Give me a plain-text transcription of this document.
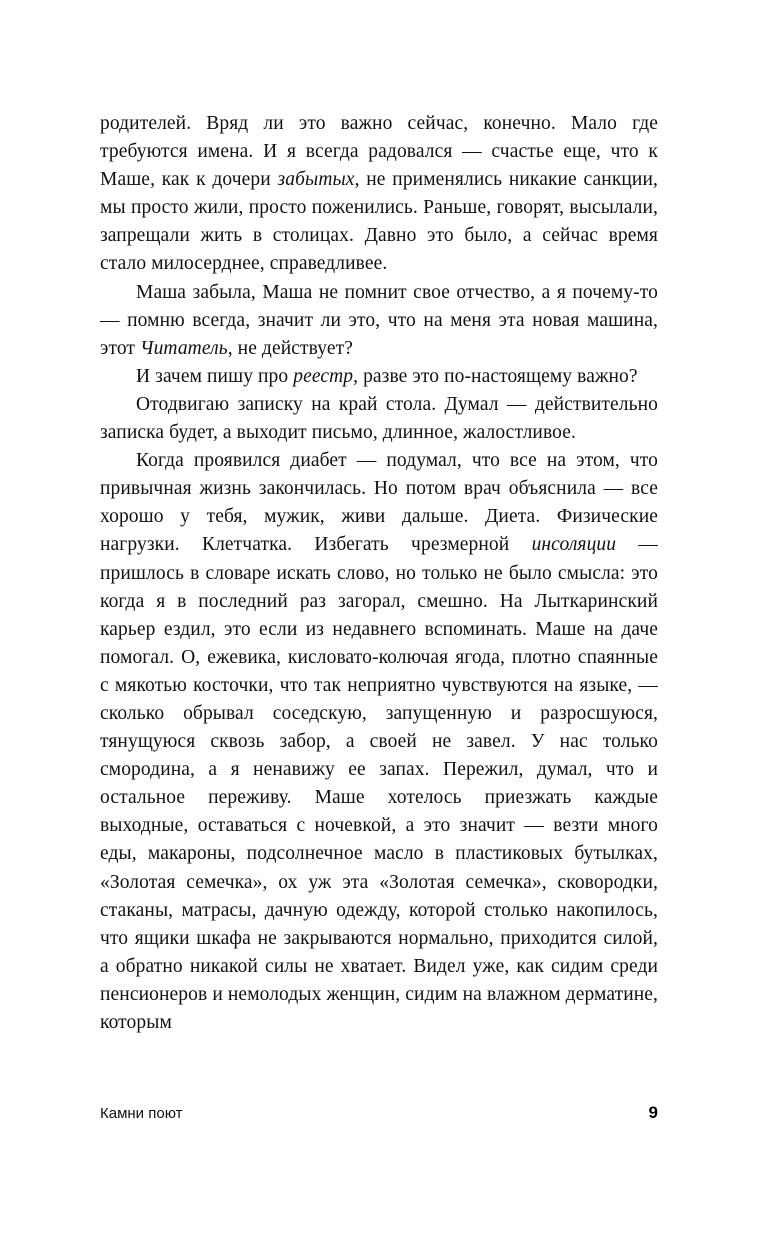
родителей. Вряд ли это важно сейчас, конечно. Мало где требуются имена. И я всегда радовался — счастье еще, что к Маше, как к дочери забытых, не применялись никакие санкции, мы просто жили, просто поженились. Раньше, говорят, высылали, запрещали жить в столицах. Давно это было, а сейчас время стало милосерднее, справедливее.

Маша забыла, Маша не помнит свое отчество, а я почему-то — помню всегда, значит ли это, что на меня эта новая машина, этот Читатель, не действует?

И зачем пишу про реестр, разве это по-настоящему важно?

Отодвигаю записку на край стола. Думал — действительно записка будет, а выходит письмо, длинное, жалостливое.

Когда проявился диабет — подумал, что все на этом, что привычная жизнь закончилась. Но потом врач объяснила — все хорошо у тебя, мужик, живи дальше. Диета. Физические нагрузки. Клетчатка. Избегать чрезмерной инсоляции — пришлось в словаре искать слово, но только не было смысла: это когда я в последний раз загорал, смешно. На Лыткаринский карьер ездил, это если из недавнего вспоминать. Маше на даче помогал. О, ежевика, кисловато-колючая ягода, плотно спаянные с мякотью косточки, что так неприятно чувствуются на языке, — сколько обрывал соседскую, запущенную и разросшуюся, тянущуюся сквозь забор, а своей не завел. У нас только смородина, а я ненавижу ее запах. Пережил, думал, что и остальное переживу. Маше хотелось приезжать каждые выходные, оставаться с ночевкой, а это значит — везти много еды, макароны, подсолнечное масло в пластиковых бутылках, «Золотая семечка», ох уж эта «Золотая семечка», сковородки, стаканы, матрасы, дачную одежду, которой столько накопилось, что ящики шкафа не закрываются нормально, приходится силой, а обратно никакой силы не хватает. Видел уже, как сидим среди пенсионеров и немолодых женщин, сидим на влажном дерматине, которым

Камни поют	9
